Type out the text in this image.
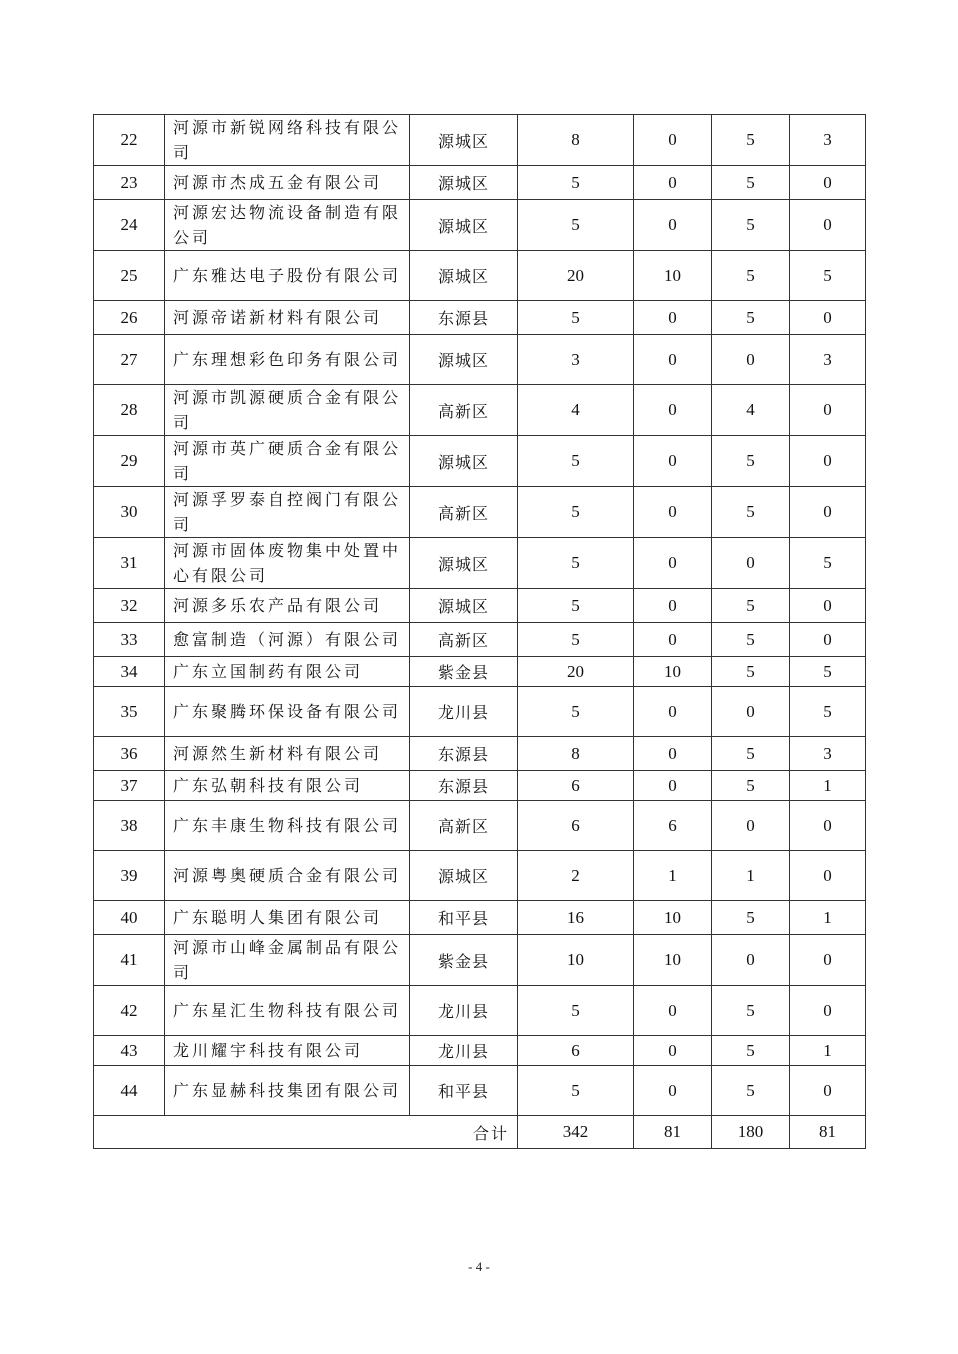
22	河源市新锐网络科技有限公司	源城区	8	0	5	3
23	河源市杰成五金有限公司	源城区	5	0	5	0
24	河源宏达物流设备制造有限公司	源城区	5	0	5	0
25	广东雅达电子股份有限公司	源城区	20	10	5	5
26	河源帝诺新材料有限公司	东源县	5	0	5	0
27	广东理想彩色印务有限公司	源城区	3	0	0	3
28	河源市凯源硬质合金有限公司	高新区	4	0	4	0
29	河源市英广硬质合金有限公司	源城区	5	0	5	0
30	河源孚罗泰自控阀门有限公司	高新区	5	0	5	0
31	河源市固体废物集中处置中心有限公司	源城区	5	0	0	5
32	河源多乐农产品有限公司	源城区	5	0	5	0
33	愈富制造（河源）有限公司	高新区	5	0	5	0
34	广东立国制药有限公司	紫金县	20	10	5	5
35	广东聚腾环保设备有限公司	龙川县	5	0	0	5
36	河源然生新材料有限公司	东源县	8	0	5	3
37	广东弘朝科技有限公司	东源县	6	0	5	1
38	广东丰康生物科技有限公司	高新区	6	6	0	0
39	河源粤奥硬质合金有限公司	源城区	2	1	1	0
40	广东聪明人集团有限公司	和平县	16	10	5	1
41	河源市山峰金属制品有限公司	紫金县	10	10	0	0
42	广东星汇生物科技有限公司	龙川县	5	0	5	0
43	龙川耀宇科技有限公司	龙川县	6	0	5	1
44	广东显赫科技集团有限公司	和平县	5	0	5	0
合计			342	81	180	81
- 4 -
